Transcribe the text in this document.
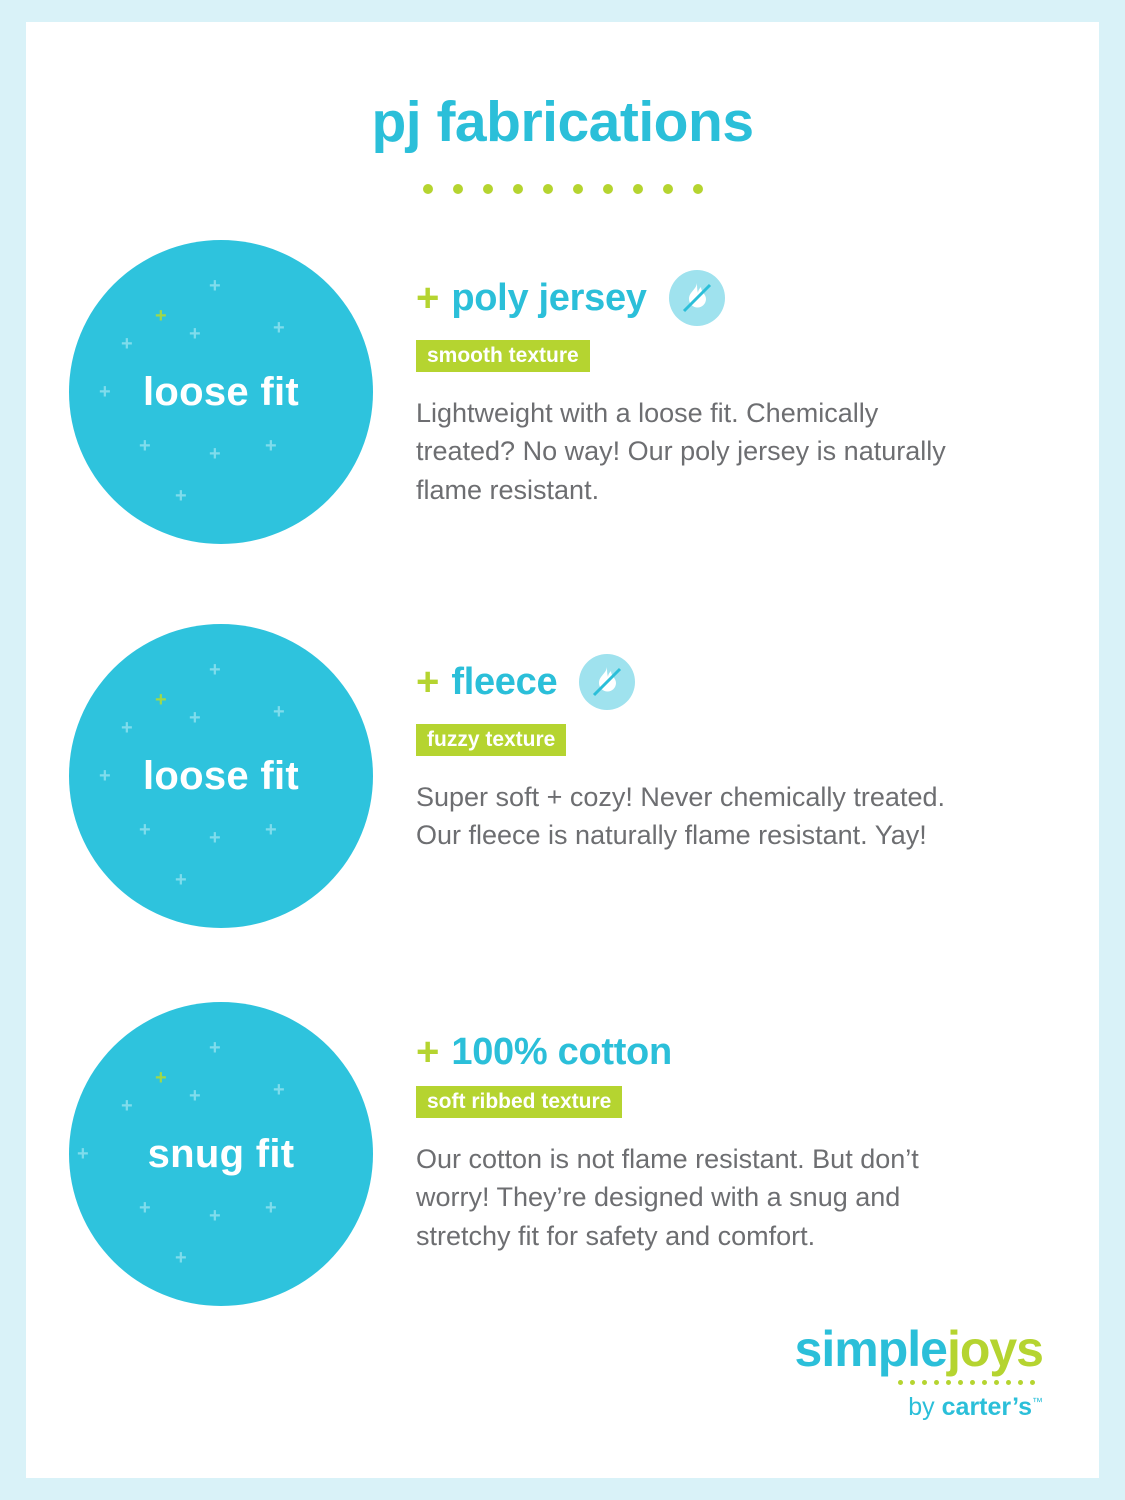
pj fabrications
+
+
+	+	+
+
+	+ +
+
loose fit
+ poly jersey
smooth texture
Lightweight with a loose fit. Chemically treated? No way! Our poly jersey is naturally flame resistant.
+
+
+	+	+
+
+	+ +
+
loose fit
+ fleece
fuzzy texture
Super soft + cozy! Never chemically treated. Our fleece is naturally flame resistant. Yay!
+
+
+	+	+
+
+	+ +
+
snug fit
+ 100% cotton
soft ribbed texture
Our cotton is not flame resistant. But don’t worry! They’re designed with a snug and stretchy fit for safety and comfort.
simplejoys
by carter’s™
